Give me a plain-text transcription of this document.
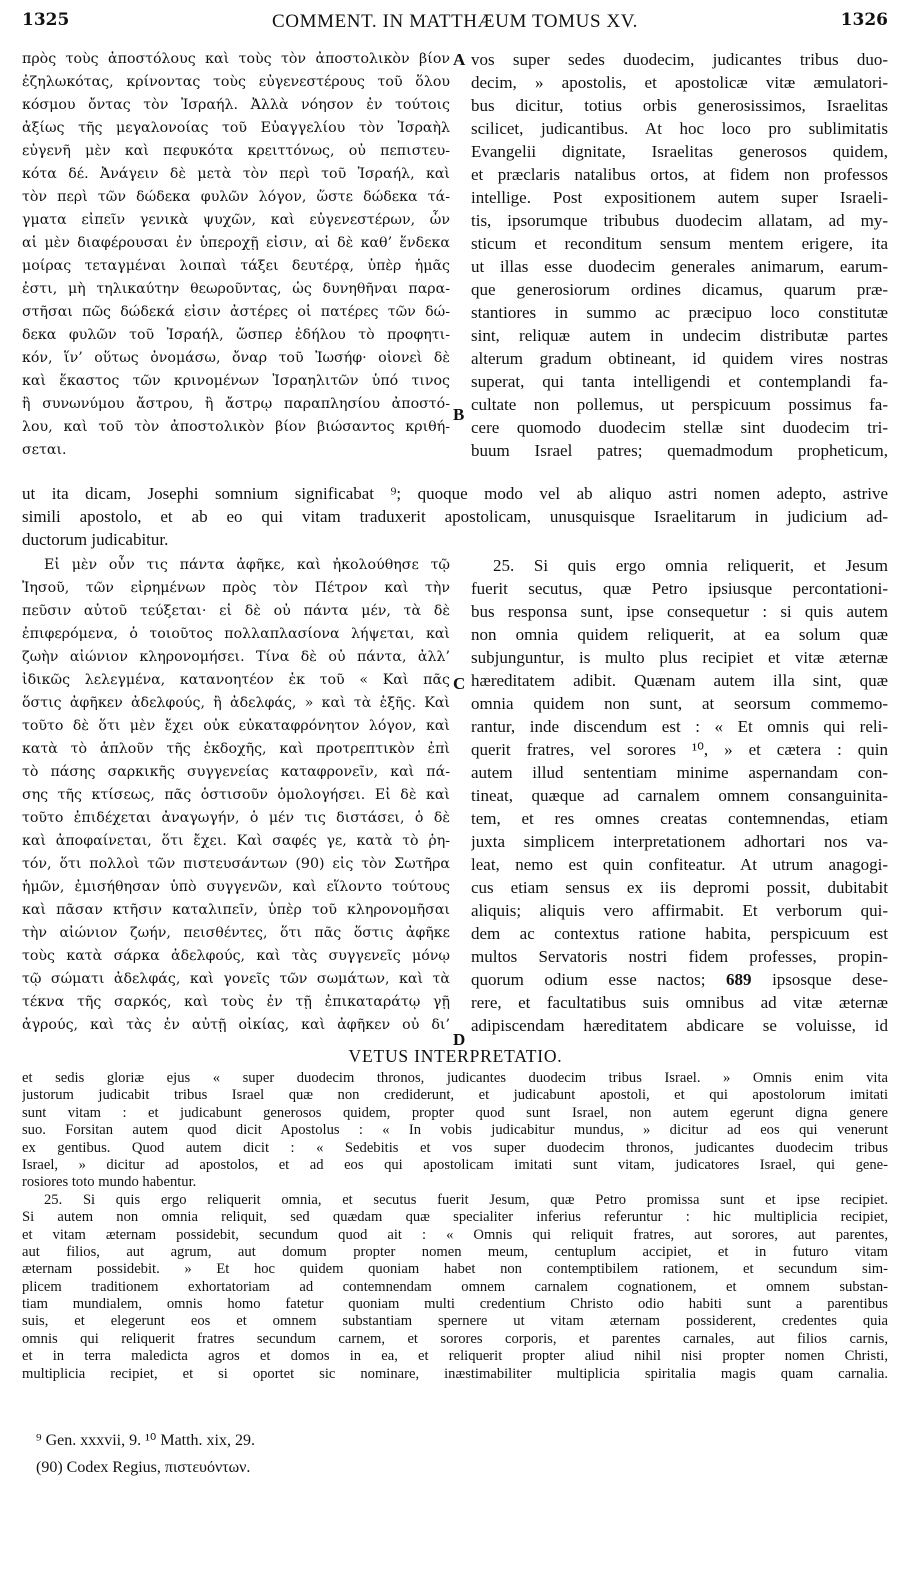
1325	COMMENT. IN MATTHÆUM TOMUS XV.	1326
πρὸς τοὺς ἀποστόλους καὶ τοὺς τὸν ἀποστολικὸν βίον
ἐζηλωκότας, κρίνοντας τοὺς εὐγενεστέρους τοῦ ὅλου
κόσμου ὄντας τὸν Ἰσραήλ. Ἀλλὰ νόησον ἐν τούτοις
ἀξίως τῆς μεγαλονοίας τοῦ Εὐαγγελίου τὸν Ἰσραὴλ
εὐγενῆ μὲν καὶ πεφυκότα κρειττόνως, οὐ πεπιστευ-
κότα δέ. Ἀνάγειν δὲ μετὰ τὸν περὶ τοῦ Ἰσραήλ, καὶ
τὸν περὶ τῶν δώδεκα φυλῶν λόγον, ὥστε δώδεκα τά-
γματα εἰπεῖν γενικὰ ψυχῶν, καὶ εὐγενεστέρων, ὧν
αἱ μὲν διαφέρουσαι ἐν ὑπεροχῇ εἰσιν, αἱ δὲ καθ’ ἕνδεκα
μοίρας τεταγμέναι λοιπαὶ τάξει δευτέρᾳ, ὑπὲρ ἡμᾶς
ἐστι, μὴ τηλικαύτην θεωροῦντας, ὡς δυνηθῆναι παρα-
στῆσαι πῶς δώδεκά εἰσιν ἀστέρες οἱ πατέρες τῶν δώ-
δεκα φυλῶν τοῦ Ἰσραήλ, ὥσπερ ἐδήλου τὸ προφητι-
κόν, ἵν’ οὕτως ὀνομάσω, ὄναρ τοῦ Ἰωσήφ· οἱονεὶ δὲ
καὶ ἕκαστος τῶν κρινομένων Ἰσραηλιτῶν ὑπό τινος
ἢ συνωνύμου ἄστρου, ἢ ἄστρῳ παραπλησίου ἀποστό-
λου, καὶ τοῦ τὸν ἀποστολικὸν βίον βιώσαντος κριθή-
σεται.
A
B
vos super sedes duodecim, judicantes tribus duo-
decim, » apostolis, et apostolicæ vitæ æmulatori-
bus dicitur, totius orbis generosissimos, Israelitas
scilicet, judicantibus. At hoc loco pro sublimitatis
Evangelii dignitate, Israelitas generosos quidem,
et præclaris natalibus ortos, at fidem non professos
intellige. Post expositionem autem super Israeli-
tis, ipsorumque tribubus duodecim allatam, ad my-
sticum et reconditum sensum mentem erigere, ita
ut illas esse duodecim generales animarum, earum-
que generosiorum ordines dicamus, quarum præ-
stantiores in summo ac præcipuo loco constitutæ
sint, reliquæ autem in undecim distributæ partes
alterum gradum obtineant, id quidem vires nostras
superat, qui tanta intelligendi et contemplandi fa-
cultate non pollemus, ut perspicuum possimus fa-
cere quomodo duodecim stellæ sint duodecim tri-
buum Israel patres; quemadmodum propheticum,
ut ita dicam, Josephi somnium significabat ⁹; quoque modo vel ab aliquo astri nomen adepto, astrive
simili apostolo, et ab eo qui vitam traduxerit apostolicam, unusquisque Israelitarum in judicium ad-
ductorum judicabitur.
Εἰ μὲν οὖν τις πάντα ἀφῆκε, καὶ ἠκολούθησε τῷ
Ἰησοῦ, τῶν εἰρημένων πρὸς τὸν Πέτρον καὶ τὴν
πεῦσιν αὐτοῦ τεύξεται· εἰ δὲ οὐ πάντα μέν, τὰ δὲ
ἐπιφερόμενα, ὁ τοιοῦτος πολλαπλασίονα λήψεται, καὶ
ζωὴν αἰώνιον κληρονομήσει. Τίνα δὲ οὐ πάντα, ἀλλ’
ἰδικῶς λελεγμένα, κατανοητέον ἐκ τοῦ « Καὶ πᾶς
ὅστις ἀφῆκεν ἀδελφούς, ἢ ἀδελφάς, » καὶ τὰ ἑξῆς. Καὶ
τοῦτο δὲ ὅτι μὲν ἔχει οὐκ εὐκαταφρόνητον λόγον, καὶ
κατὰ τὸ ἁπλοῦν τῆς ἐκδοχῆς, καὶ προτρεπτικὸν ἐπὶ
τὸ πάσης σαρκικῆς συγγενείας καταφρονεῖν, καὶ πά-
σης τῆς κτίσεως, πᾶς ὁστισοῦν ὁμολογήσει. Εἰ δὲ καὶ
τοῦτο ἐπιδέχεται ἀναγωγήν, ὁ μέν τις διστάσει, ὁ δὲ
καὶ ἀποφαίνεται, ὅτι ἔχει. Καὶ σαφές γε, κατὰ τὸ ῥη-
τόν, ὅτι πολλοὶ τῶν πιστευσάντων (90) εἰς τὸν Σωτῆρα
ἡμῶν, ἐμισήθησαν ὑπὸ συγγενῶν, καὶ εἵλοντο τούτους
καὶ πᾶσαν κτῆσιν καταλιπεῖν, ὑπὲρ τοῦ κληρονομῆσαι
τὴν αἰώνιον ζωήν, πεισθέντες, ὅτι πᾶς ὅστις ἀφῆκε
τοὺς κατὰ σάρκα ἀδελφούς, καὶ τὰς συγγενεῖς μόνῳ
τῷ σώματι ἀδελφάς, καὶ γονεῖς τῶν σωμάτων, καὶ τὰ
τέκνα τῆς σαρκός, καὶ τοὺς ἐν τῇ ἐπικαταράτῳ γῇ
ἀγρούς, καὶ τὰς ἐν αὐτῇ οἰκίας, καὶ ἀφῆκεν οὐ δι’
C
D
25. Si quis ergo omnia reliquerit, et Jesum
fuerit secutus, quæ Petro ipsiusque percontationi-
bus responsa sunt, ipse consequetur : si quis autem
non omnia quidem reliquerit, at ea solum quæ
subjunguntur, is multo plus recipiet et vitæ æternæ
hæreditatem adibit. Quænam autem illa sint, quæ
omnia quidem non sunt, at seorsum commemo-
rantur, inde discendum est : « Et omnis qui reli-
querit fratres, vel sorores ¹⁰, » et cætera : quin
autem illud sententiam minime aspernandam con-
tineat, quæque ad carnalem omnem consanguinita-
tem, et res omnes creatas contemnendas, etiam
juxta simplicem interpretationem adhortari nos va-
leat, nemo est quin confiteatur. At utrum anagogi-
cus etiam sensus ex iis depromi possit, dubitabit
aliquis; aliquis vero affirmabit. Et verborum qui-
dem ac contextus ratione habita, perspicuum est
multos Servatoris nostri fidem professes, propin-
quorum odium esse nactos; 689 ipsosque dese-
rere, et facultatibus suis omnibus ad vitæ æternæ
adipiscendam hæreditatem abdicare se voluisse, id
VETUS INTERPRETATIO.
et sedis gloriæ ejus « super duodecim thronos, judicantes duodecim tribus Israel. » Omnis enim vita
justorum judicabit tribus Israel quæ non crediderunt, et judicabunt apostoli, et qui apostolorum imitati
sunt vitam : et judicabunt generosos quidem, propter quod sunt Israel, non autem egerunt digna genere
suo. Forsitan autem quod dicit Apostolus : « In vobis judicabitur mundus, » dicitur ad eos qui venerunt
ex gentibus. Quod autem dicit : « Sedebitis et vos super duodecim thronos, judicantes duodecim tribus
Israel, » dicitur ad apostolos, et ad eos qui apostolicam imitati sunt vitam, judicatores Israel, qui gene-
rosiores toto mundo habentur.
25. Si quis ergo reliquerit omnia, et secutus fuerit Jesum, quæ Petro promissa sunt et ipse recipiet.
Si autem non omnia reliquit, sed quædam quæ specialiter inferius referuntur : hic multiplicia recipiet,
et vitam æternam possidebit, secundum quod ait : « Omnis qui reliquit fratres, aut sorores, aut parentes,
aut filios, aut agrum, aut domum propter nomen meum, centuplum accipiet, et in futuro vitam
æternam possidebit. » Et hoc quidem quoniam habet non contemptibilem rationem, et secundum sim-
plicem traditionem exhortatoriam ad contemnendam omnem carnalem cognationem, et omnem substan-
tiam mundialem, omnis homo fatetur quoniam multi credentium Christo odio habiti sunt a parentibus
suis, et elegerunt eos et omnem substantiam spernere ut vitam æternam possiderent, credentes quia
omnis qui reliquerit fratres secundum carnem, et sorores corporis, et parentes carnales, aut filios carnis,
et in terra maledicta agros et domos in ea, et reliquerit propter aliud nihil nisi propter nomen Christi,
multiplicia recipiet, et si oportet sic nominare, inæstimabiliter multiplicia spiritalia magis quam carnalia.
⁹ Gen. xxxvii, 9. ¹⁰ Matth. xix, 29.
(90) Codex Regius, πιστευόντων.
